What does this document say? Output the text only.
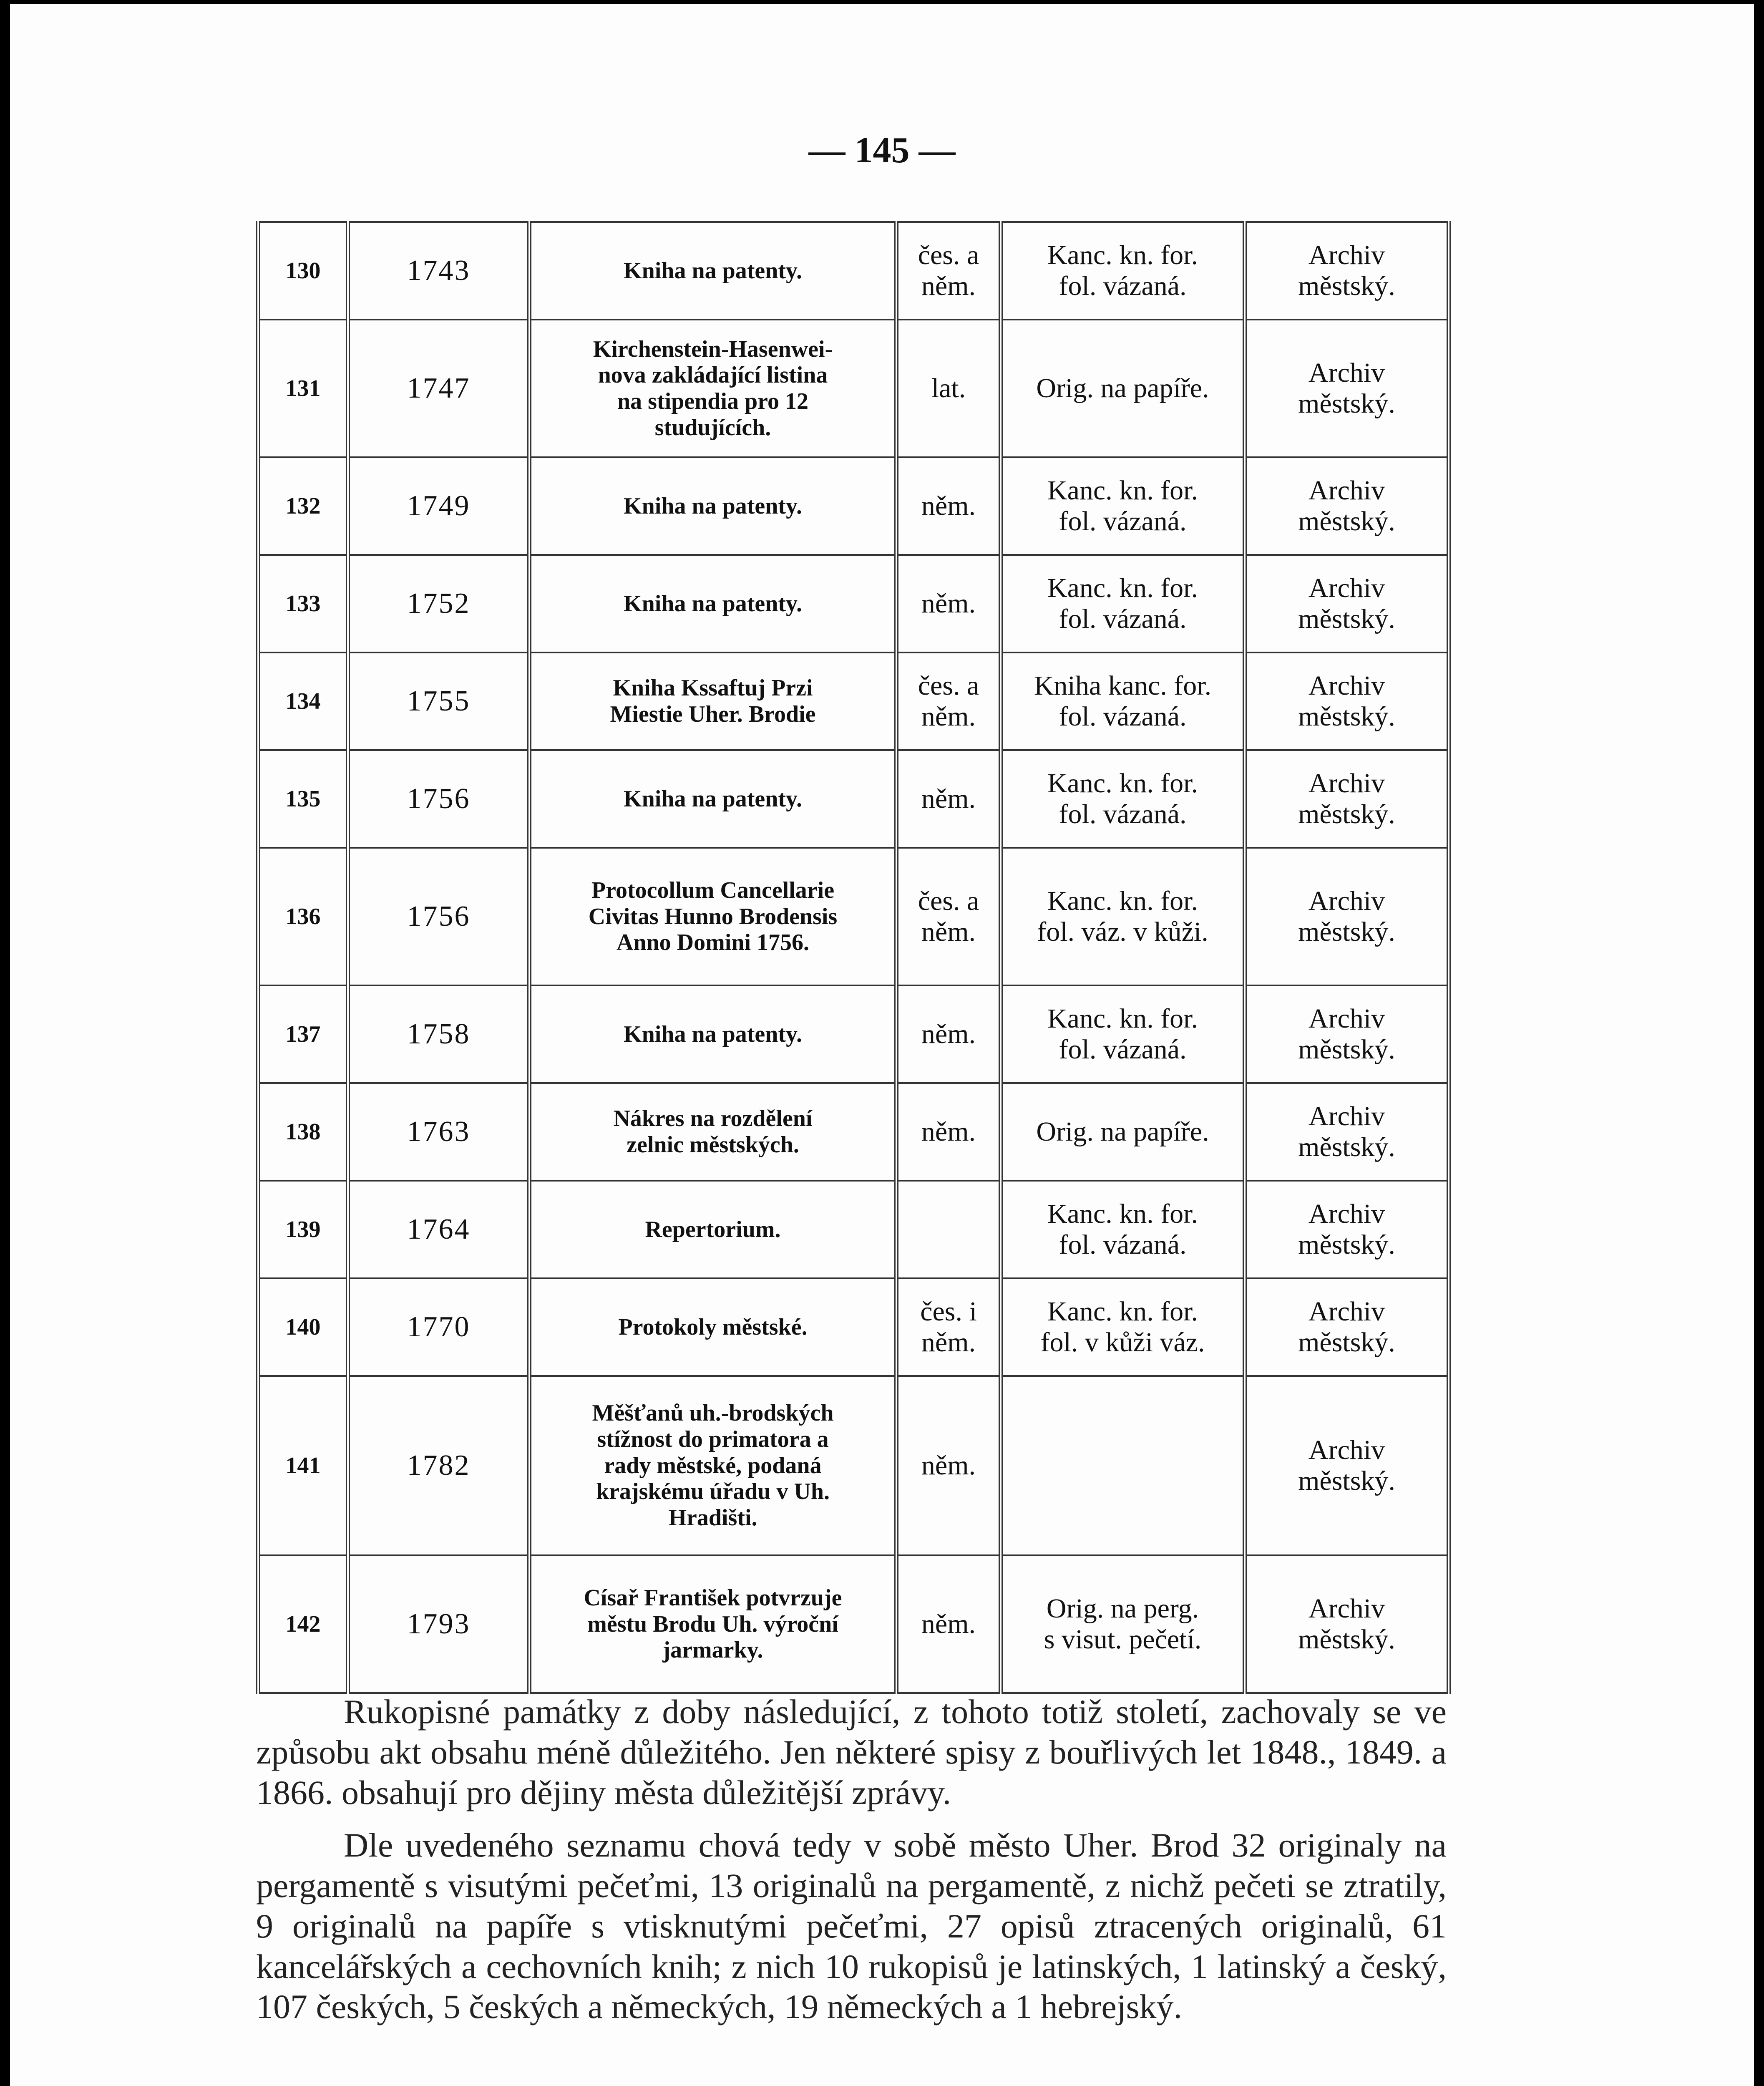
— 145 —
130	1743	Kniha na patenty.	čes. a
něm.	Kanc. kn. for.
fol. vázaná.	Archiv
městský.
131	1747	Kirchenstein-Hasenwei-
nova zakládající listina
na stipendia pro 12
studujících.	lat.	Orig. na papíře.	Archiv
městský.
132	1749	Kniha na patenty.	něm.	Kanc. kn. for.
fol. vázaná.	Archiv
městský.
133	1752	Kniha na patenty.	něm.	Kanc. kn. for.
fol. vázaná.	Archiv
městský.
134	1755	Kniha Kssaftuj Przi
Miestie Uher. Brodie	čes. a
něm.	Kniha kanc. for.
fol. vázaná.	Archiv
městský.
135	1756	Kniha na patenty.	něm.	Kanc. kn. for.
fol. vázaná.	Archiv
městský.
136	1756	Protocollum Cancellarie
Civitas Hunno Brodensis
Anno Domini 1756.	čes. a
něm.	Kanc. kn. for.
fol. váz. v kůži.	Archiv
městský.
137	1758	Kniha na patenty.	něm.	Kanc. kn. for.
fol. vázaná.	Archiv
městský.
138	1763	Nákres na rozdělení
zelnic městských.	něm.	Orig. na papíře.	Archiv
městský.
139	1764	Repertorium.		Kanc. kn. for.
fol. vázaná.	Archiv
městský.
140	1770	Protokoly městské.	čes. i
něm.	Kanc. kn. for.
fol. v kůži váz.	Archiv
městský.
141	1782	Měšťanů uh.-brodských
stížnost do primatora a
rady městské, podaná
krajskému úřadu v Uh.
Hradišti.	něm.		Archiv
městský.
142	1793	Císař František potvrzuje
městu Brodu Uh. výroční
jarmarky.	něm.	Orig. na perg.
s visut. pečetí.	Archiv
městský.

Rukopisné památky z doby následující, z tohoto totiž století, zachovaly se ve způsobu akt obsahu méně důležitého. Jen některé spisy z bouřlivých let 1848., 1849. a 1866. obsahují pro dějiny města důležitější zprávy.

Dle uvedeného seznamu chová tedy v sobě město Uher. Brod 32 originaly na pergamentě s visutými pečeťmi, 13 originalů na pergamentě, z nichž pečeti se ztratily, 9 originalů na papíře s vtisknutými pečeťmi, 27 opisů ztracených originalů, 61 kancelářských a cechovních knih; z nich 10 rukopisů je latinských, 1 latinský a český, 107 českých, 5 českých a německých, 19 německých a 1 hebrejský.
